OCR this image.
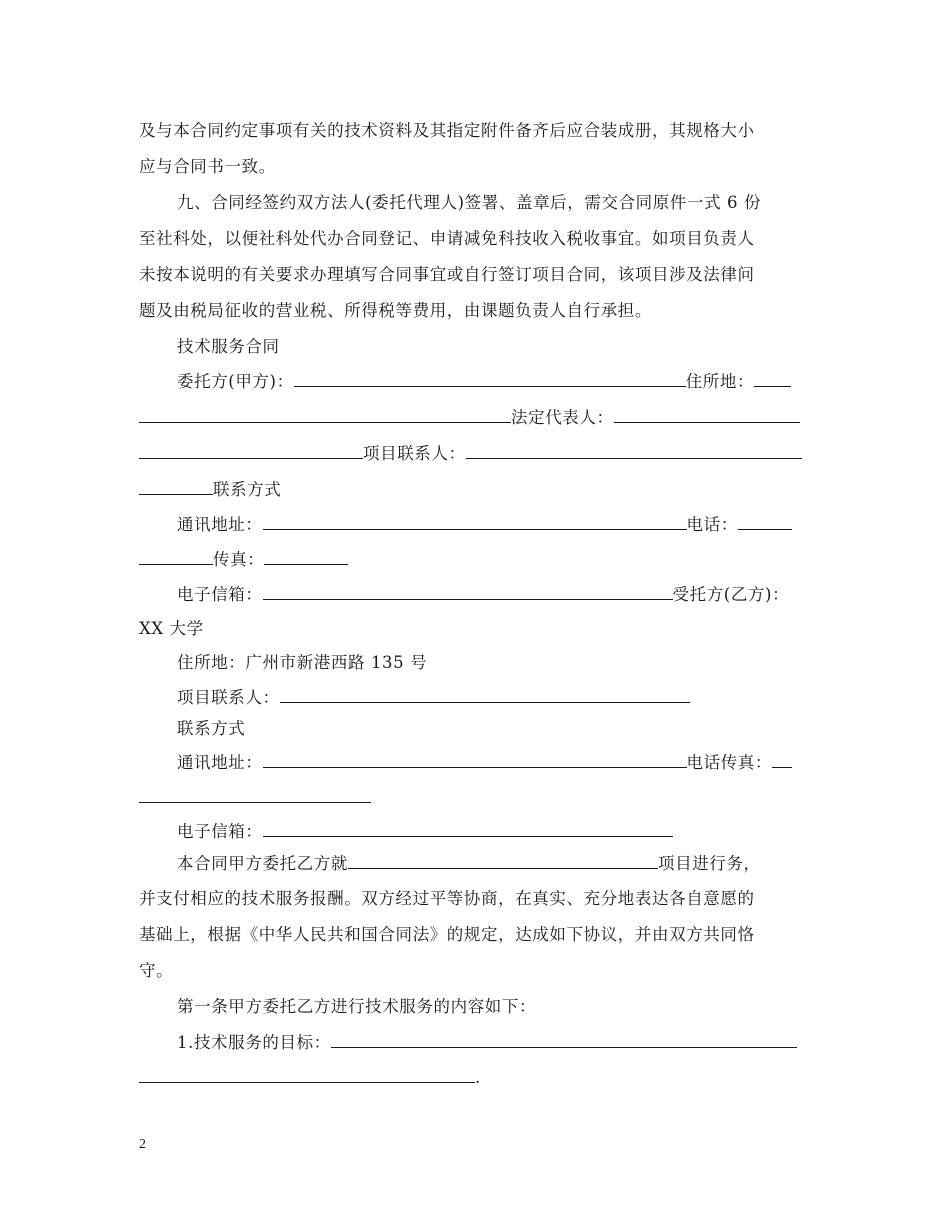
及与本合同约定事项有关的技术资料及其指定附件备齐后应合装成册，其规格大小
应与合同书一致。
九、合同经签约双方法人(委托代理人)签署、盖章后，需交合同原件一式 6 份
至社科处，以便社科处代办合同登记、申请减免科技收入税收事宜。如项目负责人
未按本说明的有关要求办理填写合同事宜或自行签订项目合同，该项目涉及法律问
题及由税局征收的营业税、所得税等费用，由课题负责人自行承担。
技术服务合同
委托方(甲方)：	住所地：
法定代表人：
项目联系人：
联系方式
通讯地址：	电话：
传真：
电子信箱：	受托方(乙方)：
XX 大学
住所地：广州市新港西路 135 号
项目联系人：
联系方式
通讯地址：	电话传真：
电子信箱：
本合同甲方委托乙方就	项目进行务，
并支付相应的技术服务报酬。双方经过平等协商，在真实、充分地表达各自意愿的
基础上，根据《中华人民共和国合同法》的规定，达成如下协议，并由双方共同恪
守。
第一条甲方委托乙方进行技术服务的内容如下：
1.技术服务的目标：
.
2
